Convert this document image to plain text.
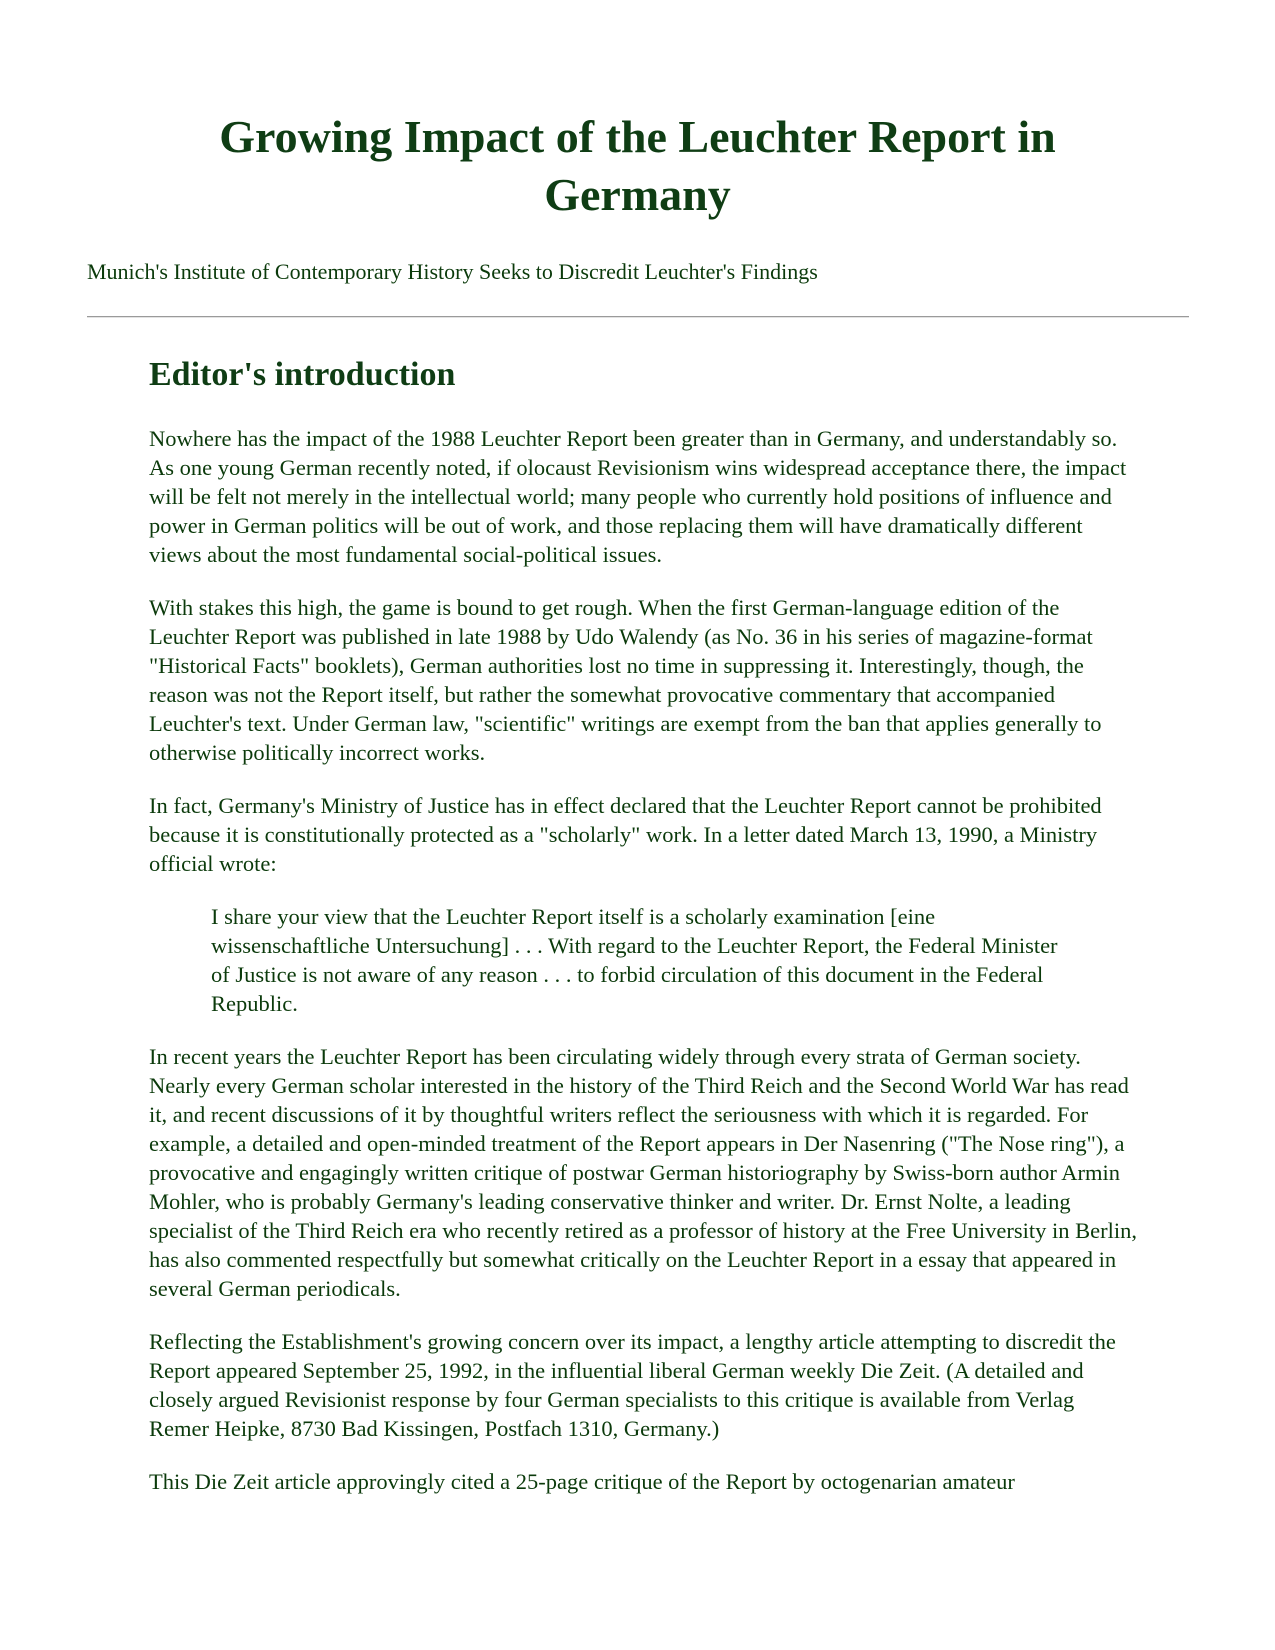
Growing Impact of the Leuchter Report in Germany

Munich's Institute of Contemporary History Seeks to Discredit Leuchter's Findings

Editor's introduction

Nowhere has the impact of the 1988 Leuchter Report been greater than in Germany, and understandably so. As one young German recently noted, if olocaust Revisionism wins widespread acceptance there, the impact will be felt not merely in the intellectual world; many people who currently hold positions of influence and power in German politics will be out of work, and those replacing them will have dramatically different views about the most fundamental social-political issues.

With stakes this high, the game is bound to get rough. When the first German-language edition of the Leuchter Report was published in late 1988 by Udo Walendy (as No. 36 in his series of magazine-format "Historical Facts" booklets), German authorities lost no time in suppressing it. Interestingly, though, the reason was not the Report itself, but rather the somewhat provocative commentary that accompanied Leuchter's text. Under German law, "scientific" writings are exempt from the ban that applies generally to otherwise politically incorrect works.

In fact, Germany's Ministry of Justice has in effect declared that the Leuchter Report cannot be prohibited because it is constitutionally protected as a "scholarly" work. In a letter dated March 13, 1990, a Ministry official wrote:

I share your view that the Leuchter Report itself is a scholarly examination [eine wissenschaftliche Untersuchung] . . . With regard to the Leuchter Report, the Federal Minister of Justice is not aware of any reason . . . to forbid circulation of this document in the Federal Republic.

In recent years the Leuchter Report has been circulating widely through every strata of German society. Nearly every German scholar interested in the history of the Third Reich and the Second World War has read it, and recent discussions of it by thoughtful writers reflect the seriousness with which it is regarded. For example, a detailed and open-minded treatment of the Report appears in Der Nasenring ("The Nose ring"), a provocative and engagingly written critique of postwar German historiography by Swiss-born author Armin Mohler, who is probably Germany's leading conservative thinker and writer. Dr. Ernst Nolte, a leading specialist of the Third Reich era who recently retired as a professor of history at the Free University in Berlin, has also commented respectfully but somewhat critically on the Leuchter Report in a essay that appeared in several German periodicals.

Reflecting the Establishment's growing concern over its impact, a lengthy article attempting to discredit the Report appeared September 25, 1992, in the influential liberal German weekly Die Zeit. (A detailed and closely argued Revisionist response by four German specialists to this critique is available from Verlag Remer Heipke, 8730 Bad Kissingen, Postfach 1310, Germany.)

This Die Zeit article approvingly cited a 25-page critique of the Report by octogenarian amateur
